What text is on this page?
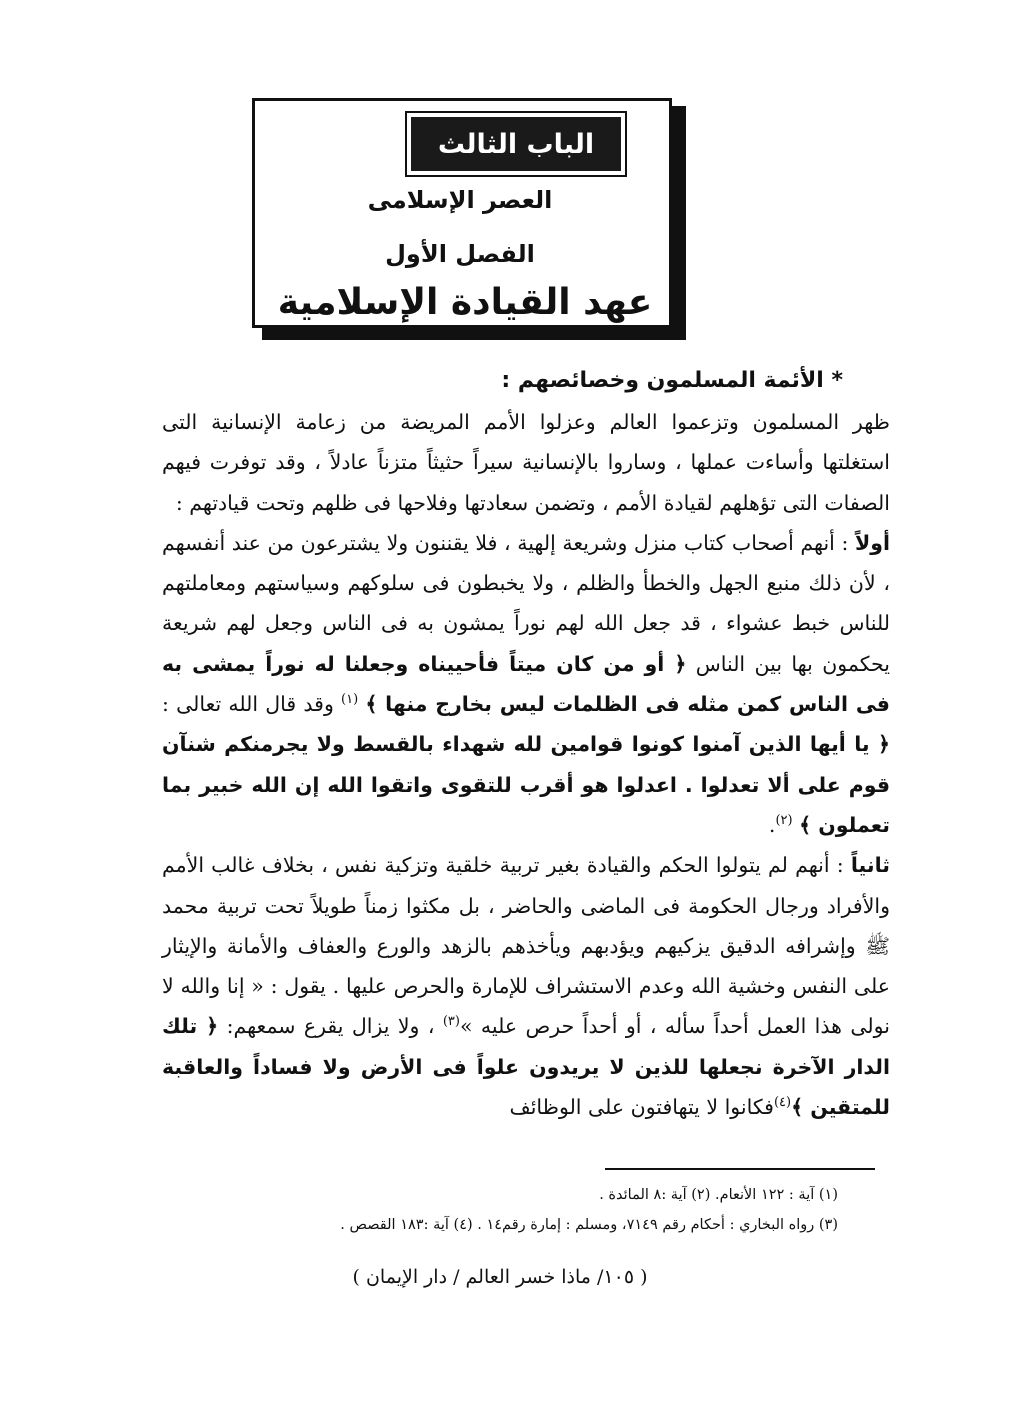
الباب الثالث
العصر الإسلامى
الفصل الأول
عهد القيادة الإسلامية
* الأئمة المسلمون وخصائصهم :

ظهر المسلمون وتزعموا العالم وعزلوا الأمم المريضة من زعامة الإنسانية التى استغلتها وأساءت عملها ، وساروا بالإنسانية سيراً حثيثاً متزناً عادلاً ، وقد توفرت فيهم الصفات التى تؤهلهم لقيادة الأمم ، وتضمن سعادتها وفلاحها فى ظلهم وتحت قيادتهم :

أولاً : أنهم أصحاب كتاب منزل وشريعة إلهية ، فلا يقننون ولا يشترعون من عند أنفسهم ، لأن ذلك منبع الجهل والخطأ والظلم ، ولا يخبطون فى سلوكهم وسياستهم ومعاملتهم للناس خبط عشواء ، قد جعل الله لهم نوراً يمشون به فى الناس وجعل لهم شريعة يحكمون بها بين الناس ﴿ أو من كان ميتاً فأحييناه وجعلنا له نوراً يمشى به فى الناس كمن مثله فى الظلمات ليس بخارج منها ﴾ $^{(١)}$ وقد قال الله تعالى : ﴿ يا أيها الذين آمنوا كونوا قوامين لله شهداء بالقسط ولا يجرمنكم شنآن قوم على ألا تعدلوا . اعدلوا هو أقرب للتقوى واتقوا الله إن الله خبير بما تعملون ﴾ $^{(٢)}$.

ثانياً : أنهم لم يتولوا الحكم والقيادة بغير تربية خلقية وتزكية نفس ، بخلاف غالب الأمم والأفراد ورجال الحكومة فى الماضى والحاضر ، بل مكثوا زمناً طويلاً تحت تربية محمد ﷺ وإشرافه الدقيق يزكيهم ويؤدبهم ويأخذهم بالزهد والورع والعفاف والأمانة والإيثار على النفس وخشية الله وعدم الاستشراف للإمارة والحرص عليها . يقول : « إنا والله لا نولى هذا العمل أحداً سأله ، أو أحداً حرص عليه »$^{(٣)}$ ، ولا يزال يقرع سمعهم: ﴿ تلك الدار الآخرة نجعلها للذين لا يريدون علواً فى الأرض ولا فساداً والعاقبة للمتقين ﴾$^{(٤)}$فكانوا لا يتهافتون على الوظائف

(١) آية : ١٢٢ الأنعام. (٢) آية :٨ المائدة .
(٣) رواه البخاري : أحكام رقم ٧١٤٩، ومسلم : إمارة رقم١٤ . (٤) آية :١٨٣ القصص .
( ١٠٥/ ماذا خسر العالم / دار الإيمان )
